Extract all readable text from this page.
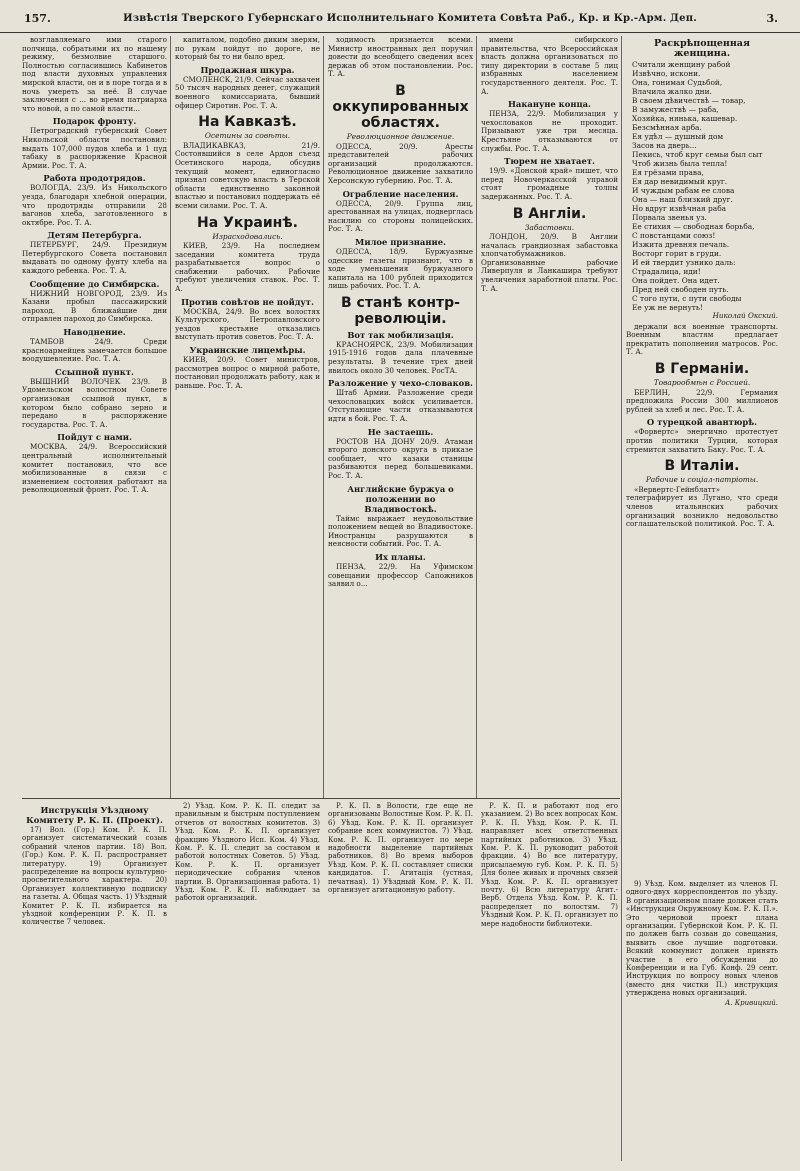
157.	Извѣстія Тверского Губернскаго Исполнительнаго Комитета Совѣта Раб., Кр. и Кр.-Арм. Деп.	3.

возглавляемаго ими старого полчища, собратьями их по нашему режиму, безмолвие старшого. Полностью согласившись Кабинетов под власти духовных управления мирской власти, он и в поре тогда и в ночь умереть за неё. В случае заключения с ... во время патриарха что новой, а по самой власти...

Подарок фронту.

Петроградский губернский Совет Никольской области постановил: выдать 107,000 пудов хлеба и 1 пуд табаку в распоряжение Красной Армии. Рос. Т. А.

Работа продотрядов.

ВОЛОГДА, 23/9. Из Никольского уезда, благодаря хлебной операции, что продотряды отправили 28 вагонов хлеба, заготовленного в октябре. Рос. Т. А.

Детям Петербурга.

ПЕТЕРБУРГ, 24/9. Президиум Петербургского Совета постановил выдавать по одному фунту хлеба на каждого ребенка. Рос. Т. А.

Сообщение до Симбирска.

НИЖНИЙ НОВГОРОД, 23/9. Из Казани пробыл пассажирский пароход. В ближайшие дни отправлен пароход до Симбирска.

Наводнение.

ТАМБОВ 24/9. Среди красноармейцев замечается большое воодушевление. Рос. Т. А.

Ссыпной пункт.

ВЫШНИЙ ВОЛОЧЕК 23/9. В Удомельском волостном Совете организован ссыпной пункт, в котором было собрано зерно и передано в распоряжение государства. Рос. Т. А.

Пойдут с нами.

МОСКВА, 24/9. Всероссийский центральный исполнительный комитет постановил, что все мобилизованные в связи с изменением состояния работают на революционный фронт. Рос. Т. А.

капиталом, подобно диким зверям, по рукам пойдут по дороге, не который бы то ни было вред.

Продажная шкура.

СМОЛЕНСК, 21/9. Сейчас захвачен 50 тысяч народных денег, служащий военного комиссариата, бывший офицер Сиротин. Рос. Т. А.

На Кавказѣ.
Осетины за совѣты.

ВЛАДИКАВКАЗ, 21/9. Состоявшийся в селе Ардон съезд Осетинского народа, обсудив текущий момент, единогласно признал советскую власть в Терской области единственно законной властью и постановил поддержать её всеми силами. Рос. Т. А.

На Украинѣ.
Израсходовались.

КИЕВ, 23/9. На последнем заседании комитета труда разрабатывается вопрос о снабжении рабочих. Рабочие требуют увеличения ставок. Рос. Т. А.

Против совѣтов не пойдут.

МОСКВА, 24/9. Во всех волостях Культурского, Петропавловского уездов крестьяне отказались выступать против советов. Рос. Т. А.

Украинские лицемѣры.

КИЕВ, 20/9. Совет министров, рассмотрев вопрос о мирной работе, постановил продолжать работу, как и раньше. Рос. Т. А.

ходимость признается всеми. Министр иностранных дел поручил довести до всеобщего сведения всех держав об этом постановлении. Рос. Т. А.

В оккупированных областях.
Революционное движение.

ОДЕССА, 20/9. Аресты представителей рабочих организаций продолжаются. Революционное движение захватило Херсонскую губернию. Рос. Т. А.

Ограбление населения.

ОДЕССА, 20/9. Группа лиц, арестованная на улицах, подверглась насилию со стороны полицейских. Рос. Т. А.

Милое признание.

ОДЕССА, 18/9. Буржуазные одесские газеты признают, что в ходе уменьшения буржуазного капитала на 100 рублей приходится лишь рабочих. Рос. Т. А.

В станѣ контр-революціи.
Вот так мобилизація.

КРАСНОЯРСК, 23/9. Мобилизация 1915-1916 годов дала плачевные результаты. В течение трех дней явилось около 30 человек. РосТА.

Разложение у чехо-словаков.

Штаб Армии. Разложение среди чехословацких войск усиливается. Отступающие части отказываются идти в бой. Рос. Т. А.

Не застаешь.

РОСТОВ НА ДОНУ 20/9. Атаман второго донского округа в приказе сообщает, что казаки станицы разбиваются перед большевиками. Рос. Т. А.

Английские буржуа о положении во Владивостокѣ.

Таймс выражает неудовольствие положением вещей во Владивостоке. Иностранцы разрушаются в неясности событий. Рос. Т. А.

Их планы.

ПЕНЗА, 22/9. На Уфимском совещании профессор Сапожников заявил о...

имени сибирского правительства, что Всероссийская власть должна организоваться по типу директории в составе 5 лиц избранных населением государственного деятеля. Рос. Т. А.

Накануне конца.

ПЕНЗА, 22/9. Мобилизация у чехословаков не проходит. Призывают уже три месяца. Крестьяне отказываются от службы. Рос. Т. А.

Тюрем не хватает.

19/9. «Донской край» пишет, что перед Новочеркасской управой стоят громадные толпы задержанных. Рос. Т. А.

В Англіи.
Забастовки.

ЛОНДОН, 20/9. В Англии началась грандиозная забастовка хлопчатобумажников. Организованные рабочие Ливерпуля и Ланкашира требуют увеличения заработной платы. Рос. Т. А.

Раскрѣпощенная женщина.
Считали женщину рабой
Извѣчно, искони.
Она, гонимая Судьбой,
Влачила жалко дни.
В своем дѣвичествѣ — товар,
В замужествѣ — раба,
Хозяйка, нянька, кашевар.
Безсмѣнная арба.
Ея удѣл — душный дом
Засов на дверь...
Пекись, чтоб круг семьи был сыт
Чтоб жизнь была тепла!
Ея грёзами права,
Ея дар невидимый круг.
И чуждым рабам ее слова
Она — наш близкий друг.
Но вдруг извѣчная раба
Порвала звенья уз.
Ее стихия — свободная борьба,
С повстанцами союз!
Изжита древняя печаль.
Восторг горит в груди.
И ей твердит узнико даль:
Страдалица, иди!
Она пойдет. Она идет.
Пред ней свободен путь.
С того пути, с пути свободы
Ее уж не вернуть!
Николай Окский.

держали вся военные транспорты. Военным властям предлагает прекратить пополнения матросов. Рос. Т. А.

В Германіи.
Товарообмѣн с Россией.

БЕРЛИН, 22/9. Германия предложила России 300 миллионов рублей за хлеб и лес. Рос. Т. А.

О турецкой авантюрѣ.

«Форвертс» энергично протестует против политики Турции, которая стремится захватить Баку. Рос. Т. А.

В Италіи.
Рабочие и соціал-патріоты.

«Вервертс-Гейнблатт» телеграфирует из Лугано, что среди членов итальянских рабочих организаций возникло недовольство соглашательской политикой. Рос. Т. А.

Инструкція Уѣздному Комитету Р. К. П. (Проект).

17) Вол. (Гор.) Ком. Р. К. П. организует систематический созыв собраний членов партии. 18) Вол. (Гор.) Ком. Р. К. П. распространяет литературу. 19) Организует распределение на вопросы культурно-просветительного характера. 20) Организует коллективную подписку на газеты. А. Общая часть. 1) Уѣздный Комитет Р. К. П. избирается на уѣздной конференции Р. К. П. в количестве 7 человек.

2) Уѣзд. Ком. Р. К. П. следит за правильным и быстрым поступлением отчетов от волостных комитетов. 3) Уѣзд. Ком. Р. К. П. организует фракцию Уѣздного Исп. Ком. 4) Уѣзд. Ком. Р. К. П. следит за составом и работой волостных Советов. 5) Уѣзд. Ком. Р. К. П. организует периодические собрания членов партии. В. Организаціонная работа. 1) Уѣзд. Ком. Р. К. П. наблюдает за работой организаций.

Р. К. П. в Волости, где еще не организованы Волостные Ком. Р. К. П. 6) Уѣзд. Ком. Р. К. П. организует собрание всех коммунистов. 7) Уѣзд. Ком. Р. К. П. организует по мере надобности выделение партийных работников. 8) Во время выборов Уѣзд. Ком. Р. К. П. составляет списки кандидатов. Г. Агитація (устная, печатная). 1) Уѣздный Ком. Р. К. П. организует агитационную работу.

Р. К. П. и работают под его указанием. 2) Во всех вопросах Ком. Р. К. П. Уѣзд. Ком. Р. К. П. направляет всех ответственных партийных работников. 3) Уѣзд. Ком. Р. К. П. руководит работой фракции. 4) Во все литературу, присылаемую губ. Ком. Р. К. П. 5) Для более живых и прочных связей Уѣзд. Ком. Р. К. П. организует почту. 6) Всю литературу Агит.-Верб. Отдела Уѣзд. Ком. Р. К. П. распределяет по волостям. 7) Уѣздный Ком. Р. К. П. организует по мере надобности библиотеки.

9) Уѣзд. Ком. выделяет из членов П. одного-двух корреспондентов по уѣзду. В организационном плане должен стать «Инструкция Окружному Ком. Р. К. П.». Это черновой проект плана организации. Губернской Ком. Р. К. П. по должен быть созван до совещания, выявить свое лучшие подготовки. Всякий коммунист должен принять участие в его обсуждении до Конференции и на Губ. Конф. 29 сент. Инструкция по вопросу новых членов (вместо дня чистки П.) инструкция утверждена новых организаций.

А. Кривицкий.
